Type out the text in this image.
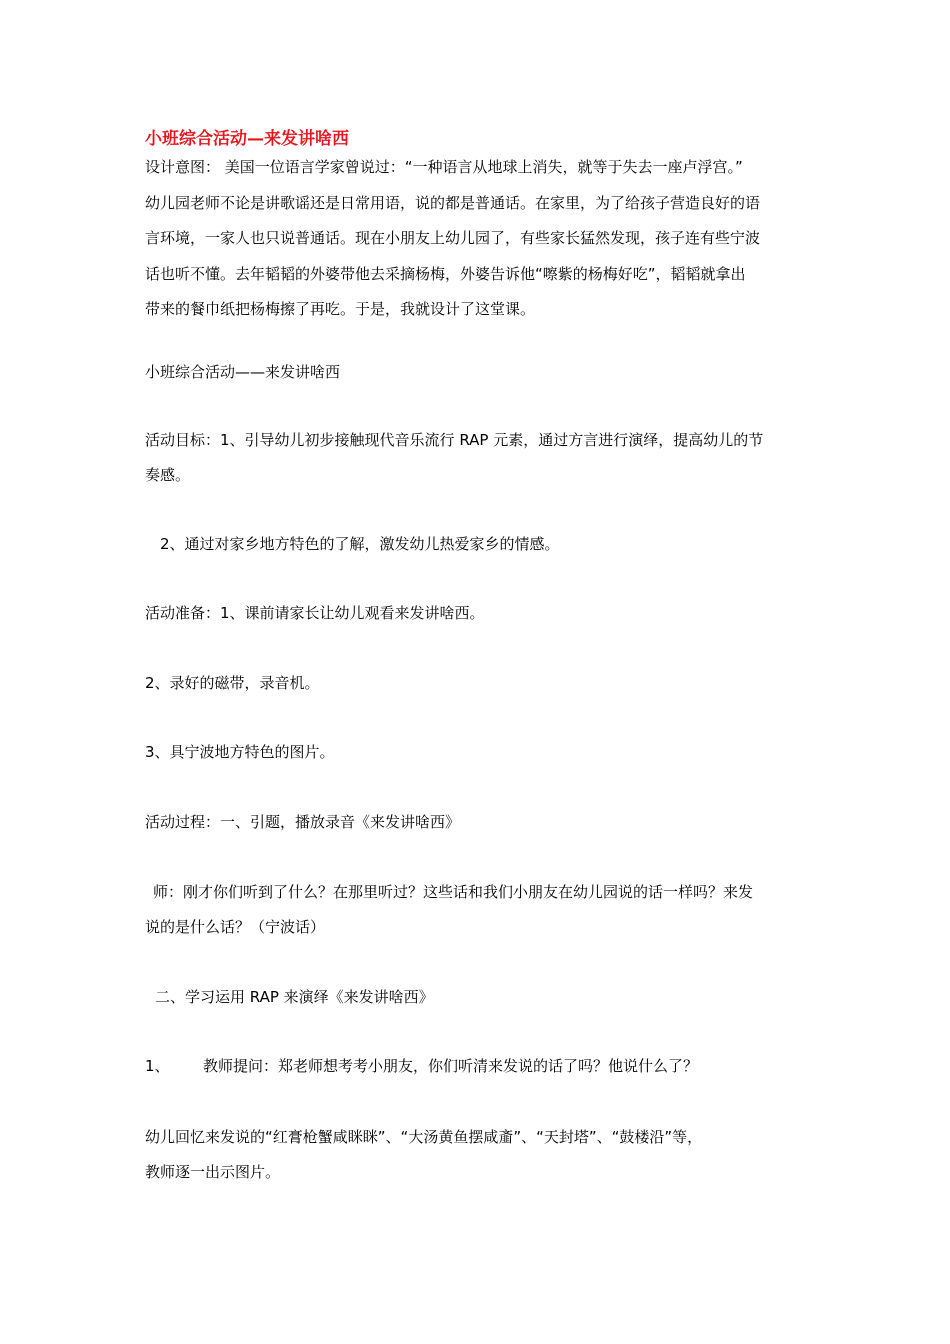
小班综合活动—来发讲啥西
设计意图： 美国一位语言学家曾说过：“一种语言从地球上消失，就等于失去一座卢浮宫。”
幼儿园老师不论是讲歌谣还是日常用语，说的都是普通话。在家里，为了给孩子营造良好的语
言环境，一家人也只说普通话。现在小朋友上幼儿园了，有些家长猛然发现，孩子连有些宁波
话也听不懂。去年韬韬的外婆带他去采摘杨梅，外婆告诉他“嚓紫的杨梅好吃”，韬韬就拿出
带来的餐巾纸把杨梅擦了再吃。于是，我就设计了这堂课。
小班综合活动——来发讲啥西
活动目标：1、引导幼儿初步接触现代音乐流行 RAP 元素，通过方言进行演绎，提高幼儿的节
奏感。
2、通过对家乡地方特色的了解，激发幼儿热爱家乡的情感。
活动准备：1、课前请家长让幼儿观看来发讲啥西。
2、录好的磁带，录音机。
3、具宁波地方特色的图片。
活动过程：一、引题，播放录音《来发讲啥西》
师：刚才你们听到了什么？在那里听过？这些话和我们小朋友在幼儿园说的话一样吗？来发
说的是什么话？（宁波话）
二、学习运用 RAP 来演绎《来发讲啥西》
1、 教师提问：郑老师想考考小朋友，你们听清来发说的话了吗？他说什么了？
幼儿回忆来发说的“红膏枪蟹咸眯眯”、“大汤黄鱼摆咸齑”、“天封塔”、“鼓楼沿”等，
教师逐一出示图片。
